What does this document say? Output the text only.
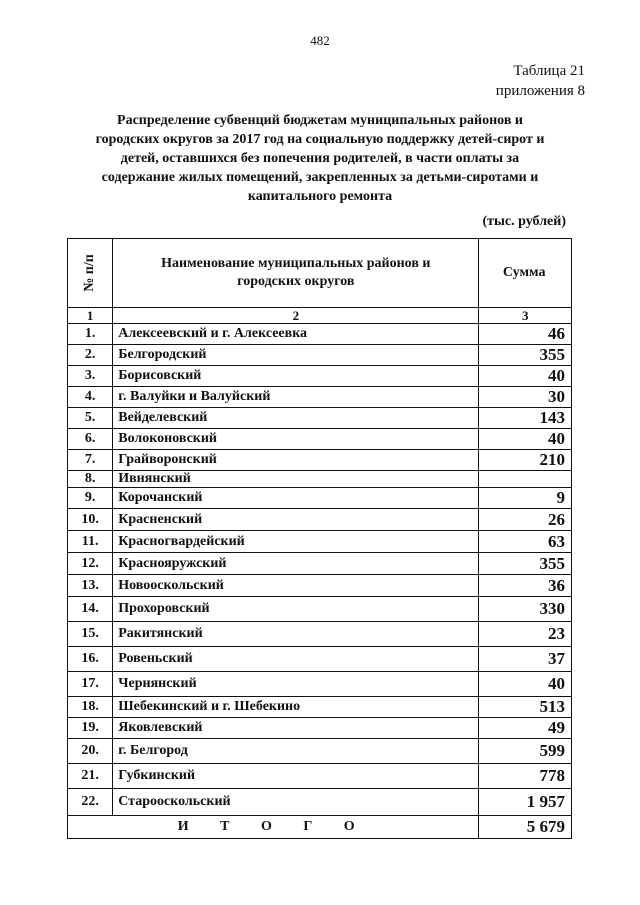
482
Таблица 21
приложения 8
Распределение субвенций бюджетам муниципальных районов и
городских округов за 2017 год на социальную поддержку детей-сирот и
детей, оставшихся без попечения родителей, в части оплаты за
содержание жилых помещений, закрепленных за детьми-сиротами и
капитального ремонта
(тыс. рублей)
№ п/п	Наименование муниципальных районов и городских округов	Сумма
1	2	3
1.	Алексеевский и г. Алексеевка	46
2.	Белгородский	355
3.	Борисовский	40
4.	г. Валуйки и Валуйский	30
5.	Вейделевский	143
6.	Волоконовский	40
7.	Грайворонский	210
8.	Ивнянский	
9.	Корочанский	9
10.	Красненский	26
11.	Красногвардейский	63
12.	Краснояружский	355
13.	Новооскольский	36
14.	Прохоровский	330
15.	Ракитянский	23
16.	Ровеньский	37
17.	Чернянский	40
18.	Шебекинский и г. Шебекино	513
19.	Яковлевский	49
20.	г. Белгород	599
21.	Губкинский	778
22.	Старооскольский	1 957
И Т О Г О		5 679
